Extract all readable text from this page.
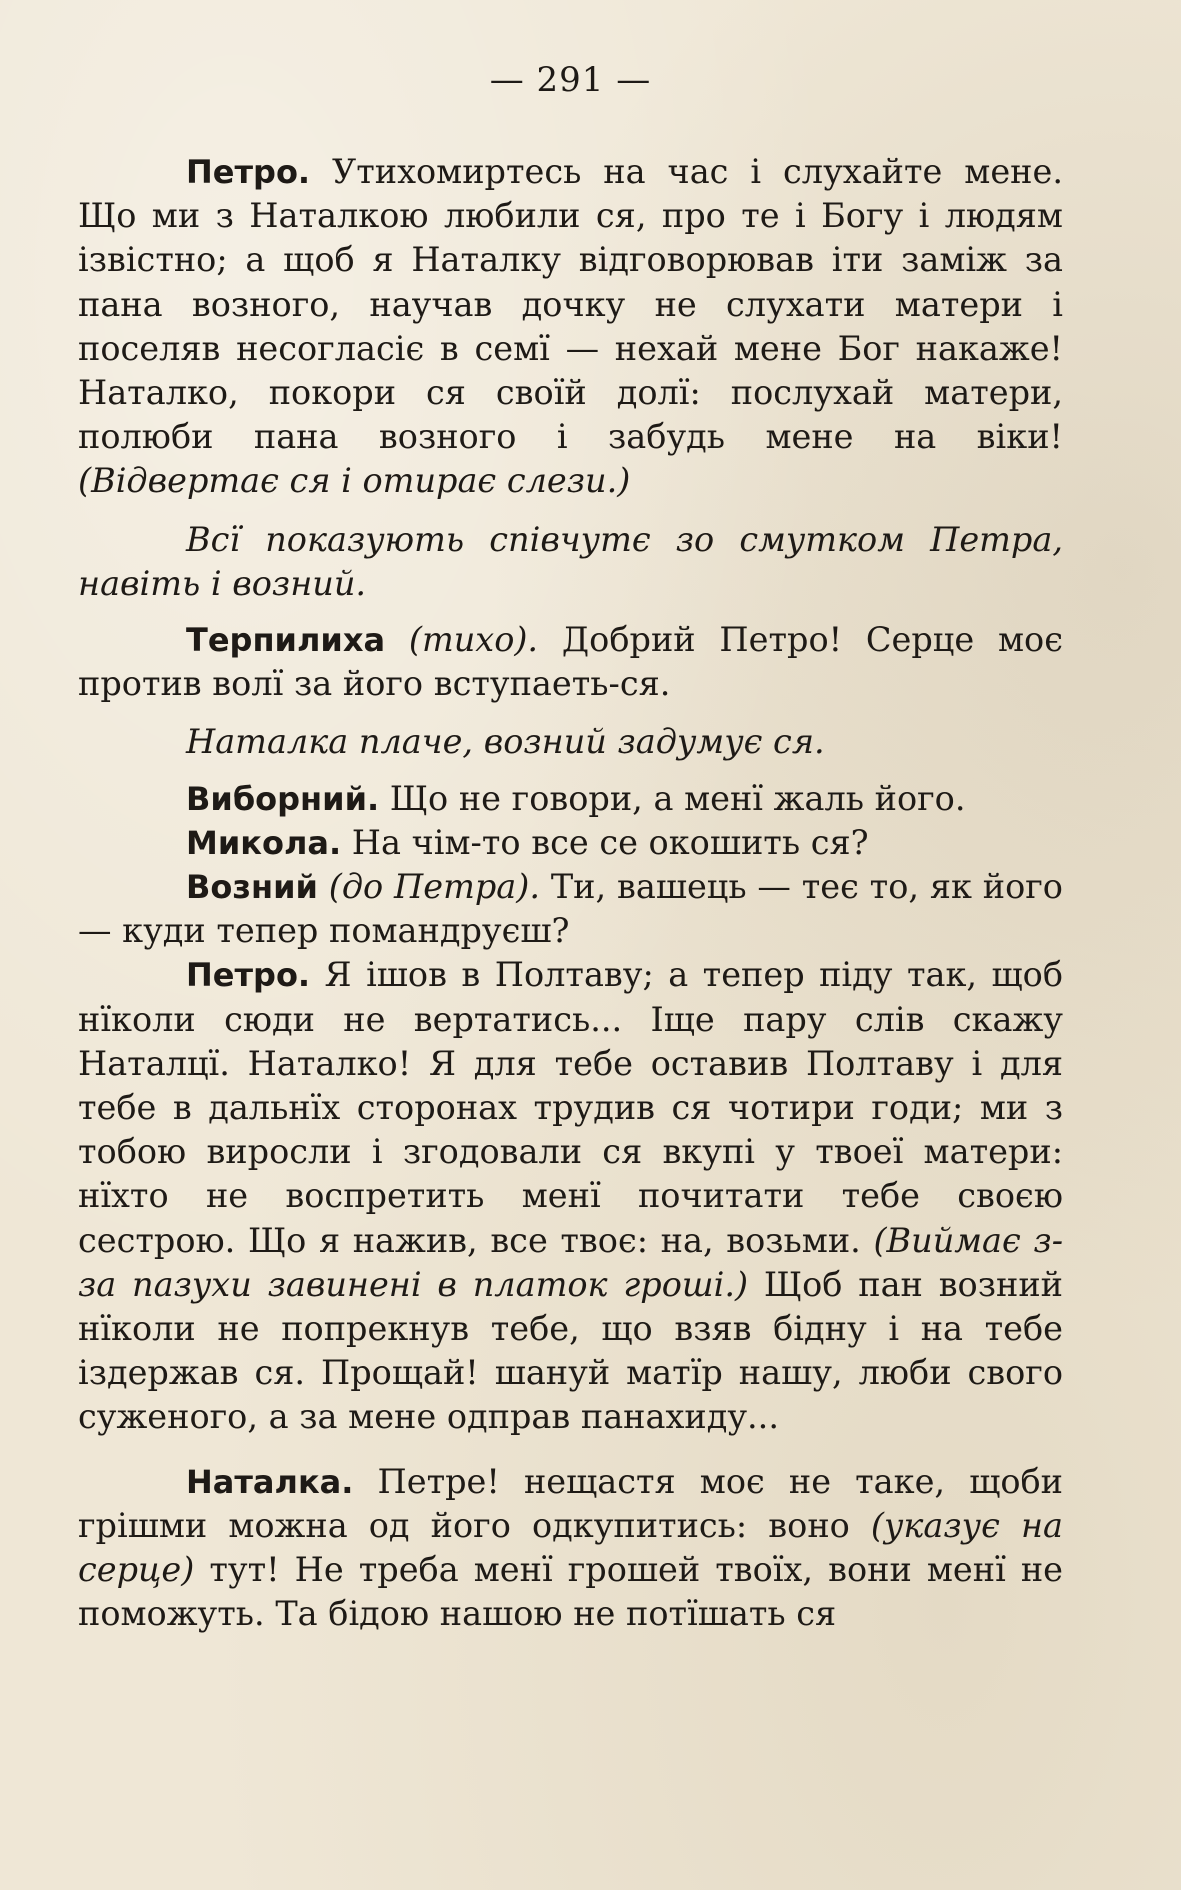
— 291 —

Петро. Утихомиртесь на час і слухайте мене. Що ми з Наталкою любили ся, про те і Богу і людям ізвістно; а щоб я Наталку відговорював іти заміж за пана возного, научав дочку не слухати матери і поселяв несогласіє в семї — нехай мене Бог накаже! Наталко, покори ся своїй долї: послухай матери, полюби пана возного і забудь мене на віки! (Відвертає ся і отирає слези.)

Всї показують співчутє зо смутком Петра, навіть і возний.

Терпилиха (тихо). Добрий Петро! Серце моє против волї за його вступаеть-ся.

Наталка плаче, возний задумує ся.

Виборний. Що не говори, а менї жаль його.

Микола. На чім-то все се окошить ся?

Возний (до Петра). Ти, вашець — теє то, як його — куди тепер помандруєш?

Петро. Я ішов в Полтаву; а тепер піду так, щоб нїколи сюди не вертатись... Іще пару слів скажу Наталцї. Наталко! Я для тебе оставив Полтаву і для тебе в дальнїх сторонах трудив ся чотири годи; ми з тобою виросли і згодовали ся вкупі у твоеї матери: нїхто не воспретить менї почитати тебе своєю сестрою. Що я нажив, все твоє: на, возьми. (Виймає з-за пазухи завинені в платок гроші.) Щоб пан возний нїколи не попрекнув тебе, що взяв бідну і на тебе іздержав ся. Прощай! шануй матїр нашу, люби свого суженого, а за мене одправ панахиду...

Наталка. Петре! нещастя моє не таке, щоби грішми можна од його одкупитись: воно (указує на серце) тут! Не треба менї грошей твоїх, вони менї не поможуть. Та бідою нашою не потїшать ся
